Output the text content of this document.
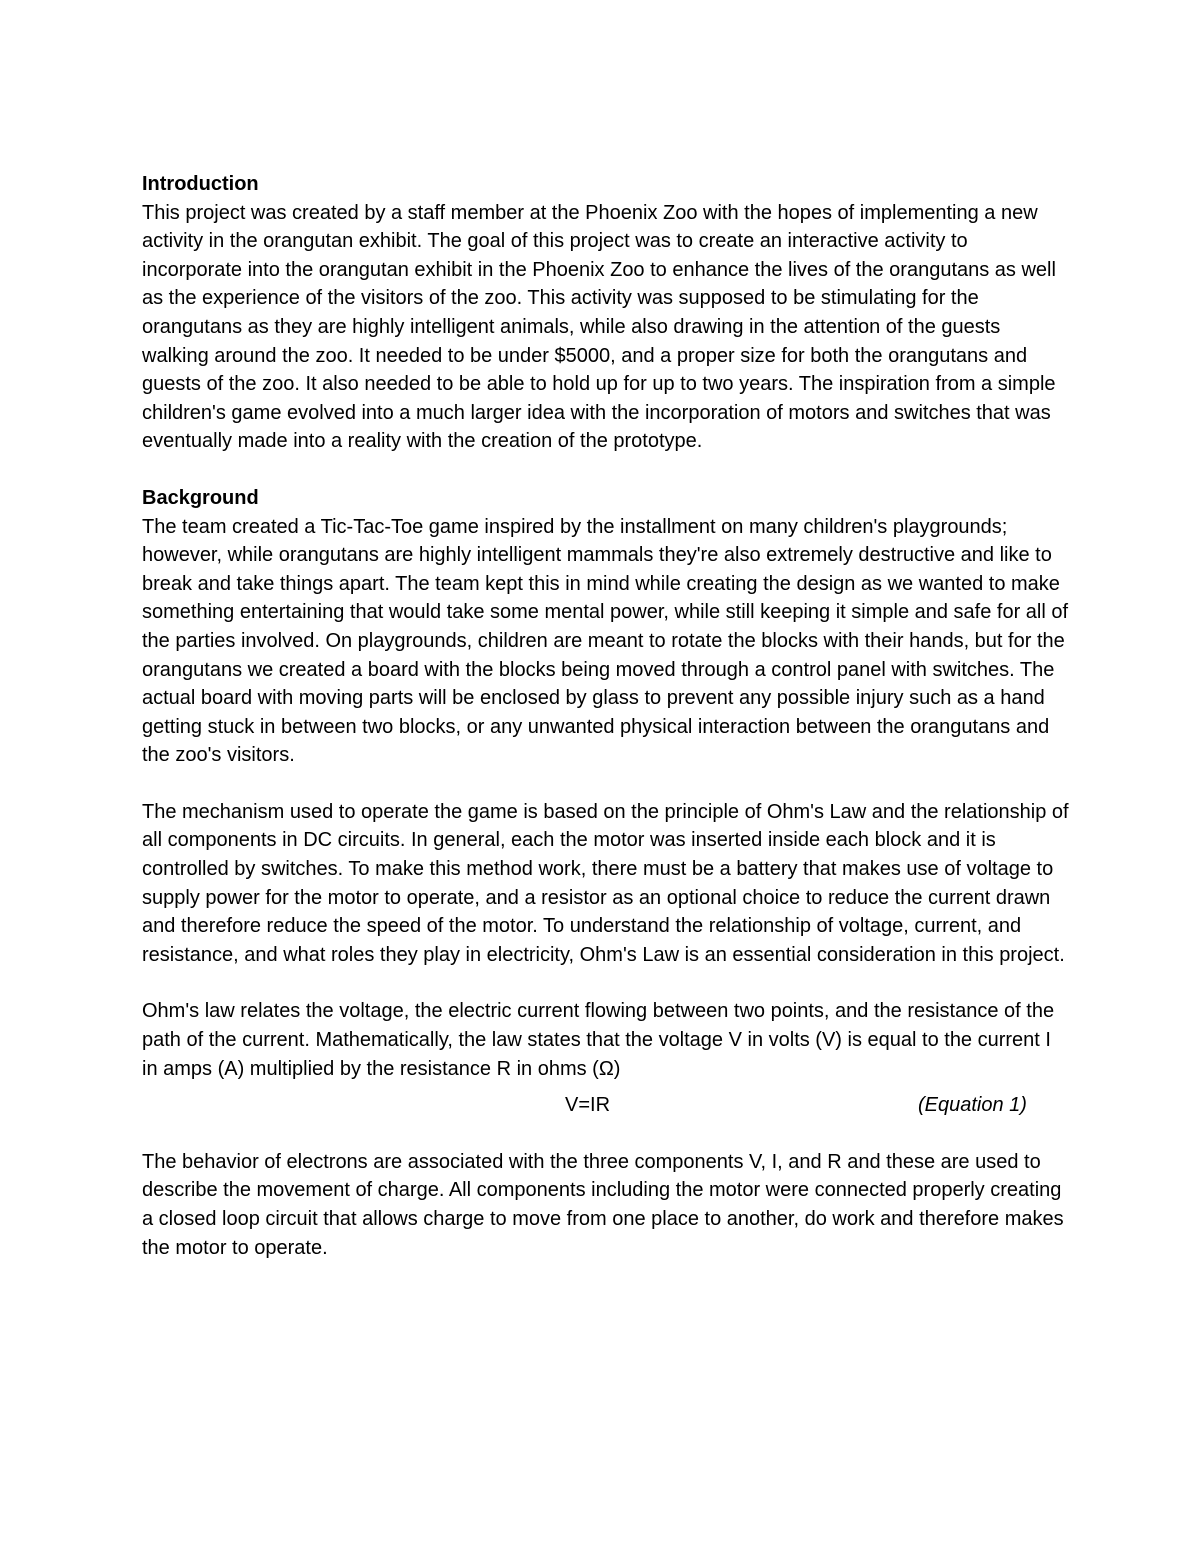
Introduction

This project was created by a staff member at the Phoenix Zoo with the hopes of implementing a new activity in the orangutan exhibit. The goal of this project was to create an interactive activity to incorporate into the orangutan exhibit in the Phoenix Zoo to enhance the lives of the orangutans as well as the experience of the visitors of the zoo. This activity was supposed to be stimulating for the orangutans as they are highly intelligent animals, while also drawing in the attention of the guests walking around the zoo. It needed to be under $5000, and a proper size for both the orangutans and guests of the zoo. It also needed to be able to hold up for up to two years. The inspiration from a simple children's game evolved into a much larger idea with the incorporation of motors and switches that was eventually made into a reality with the creation of the prototype.

Background

The team created a Tic-Tac-Toe game inspired by the installment on many children's playgrounds; however, while orangutans are highly intelligent mammals they're also extremely destructive and like to break and take things apart. The team kept this in mind while creating the design as we wanted to make something entertaining that would take some mental power, while still keeping it simple and safe for all of the parties involved. On playgrounds, children are meant to rotate the blocks with their hands, but for the orangutans we created a board with the blocks being moved through a control panel with switches. The actual board with moving parts will be enclosed by glass to prevent any possible injury such as a hand getting stuck in between two blocks, or any unwanted physical interaction between the orangutans and the zoo's visitors.

The mechanism used to operate the game is based on the principle of Ohm's Law and the relationship of all components in DC circuits. In general, each the motor was inserted inside each block and it is controlled by switches. To make this method work, there must be a battery that makes use of voltage to supply power for the motor to operate, and a resistor as an optional choice to reduce the current drawn and therefore reduce the speed of the motor. To understand the relationship of voltage, current, and resistance, and what roles they play in electricity, Ohm's Law is an essential consideration in this project.

Ohm's law relates the voltage, the electric current flowing between two points, and the resistance of the path of the current. Mathematically, the law states that the voltage V in volts (V) is equal to the current I in amps (A) multiplied by the resistance R in ohms (Ω)

V=IR	(Equation 1)

The behavior of electrons are associated with the three components V, I, and R and these are used to describe the movement of charge. All components including the motor were connected properly creating a closed loop circuit that allows charge to move from one place to another, do work and therefore makes the motor to operate.
